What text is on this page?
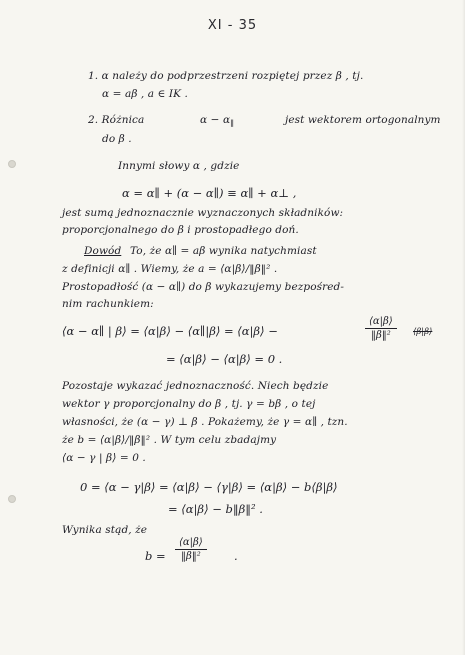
XI - 35
1. α należy do podprzestrzeni rozpiętej przez β , tj.
α = aβ , a ∈ IK .
2. Różnica	$\alpha - \alpha_\parallel$	jest wektorem ortogonalnym
do β .
Innymi słowy α , gdzie
α = α∥ + (α − α∥) ≡ α∥ + α⊥ ,
jest sumą jednoznacznie wyznaczonych składników:
proporcjonalnego do β i prostopadłego doń.
Dowód To, że α∥ = aβ wynika natychmiast
z definicji α∥ . Wiemy, że a = ⟨α|β⟩/‖β‖² .
Prostopadłość (α − α∥) do β wykazujemy bezpośred-
nim rachunkiem:
⟨α − α∥ | β⟩ = ⟨α|β⟩ − ⟨α∥|β⟩ = ⟨α|β⟩ −	$\frac{⟨\alpha|\beta⟩}{\text{‖β‖²}}$ ⟨β|β⟩
= ⟨α|β⟩ − ⟨α|β⟩ = 0 .
Pozostaje wykazać jednoznaczność. Niech będzie
wektor γ proporcjonalny do β , tj. γ = bβ , o tej
własności, że (α − γ) ⊥ β . Pokażemy, że γ = α∥ , tzn.
że b = ⟨α|β⟩/‖β‖² . W tym celu zbadajmy
⟨α − γ | β⟩ = 0 .
0 = ⟨α − γ|β⟩ = ⟨α|β⟩ − ⟨γ|β⟩ = ⟨α|β⟩ − b⟨β|β⟩
= ⟨α|β⟩ − b‖β‖² .
Wynika stąd, że
$b = \frac{⟨\alpha|\beta⟩}{\text{‖β‖²}}$ .
